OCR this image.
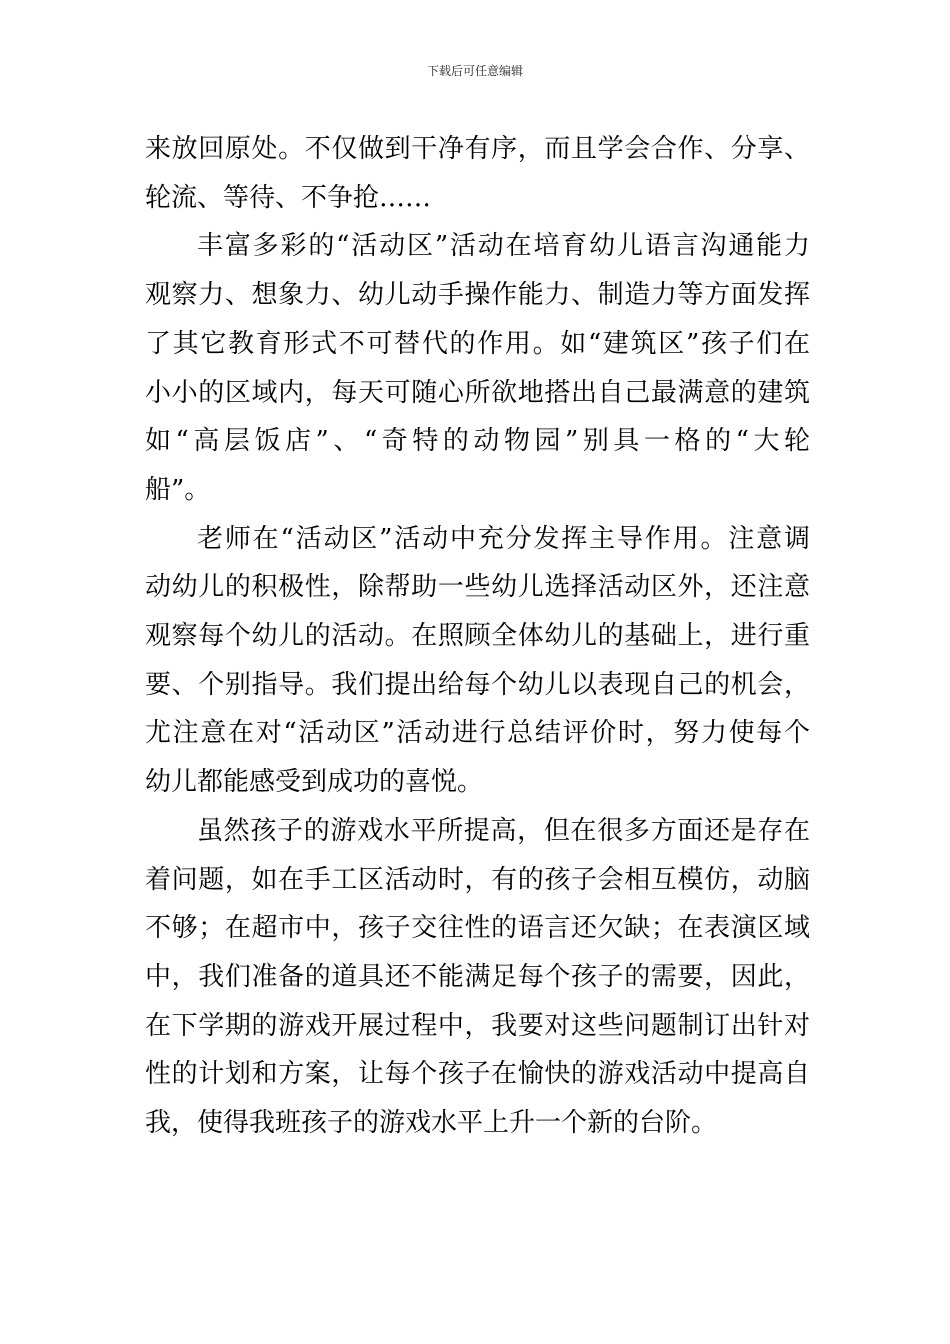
下载后可任意编辑

来放回原处。不仅做到干净有序，而且学会合作、分享、
轮流、等待、不争抢……

丰富多彩的“活动区”活动在培育幼儿语言沟通能力
观察力、想象力、幼儿动手操作能力、制造力等方面发挥
了其它教育形式不可替代的作用。如“建筑区”孩子们在
小小的区域内，每天可随心所欲地搭出自己最满意的建筑
如“高层饭店”、“奇特的动物园”别具一格的“大轮
船”。

老师在“活动区”活动中充分发挥主导作用。注意调
动幼儿的积极性，除帮助一些幼儿选择活动区外，还注意
观察每个幼儿的活动。在照顾全体幼儿的基础上，进行重
要、个别指导。我们提出给每个幼儿以表现自己的机会，
尤注意在对“活动区”活动进行总结评价时，努力使每个
幼儿都能感受到成功的喜悦。

虽然孩子的游戏水平所提高，但在很多方面还是存在
着问题，如在手工区活动时，有的孩子会相互模仿，动脑
不够；在超市中，孩子交往性的语言还欠缺；在表演区域
中，我们准备的道具还不能满足每个孩子的需要，因此，
在下学期的游戏开展过程中，我要对这些问题制订出针对
性的计划和方案，让每个孩子在愉快的游戏活动中提高自
我，使得我班孩子的游戏水平上升一个新的台阶。
